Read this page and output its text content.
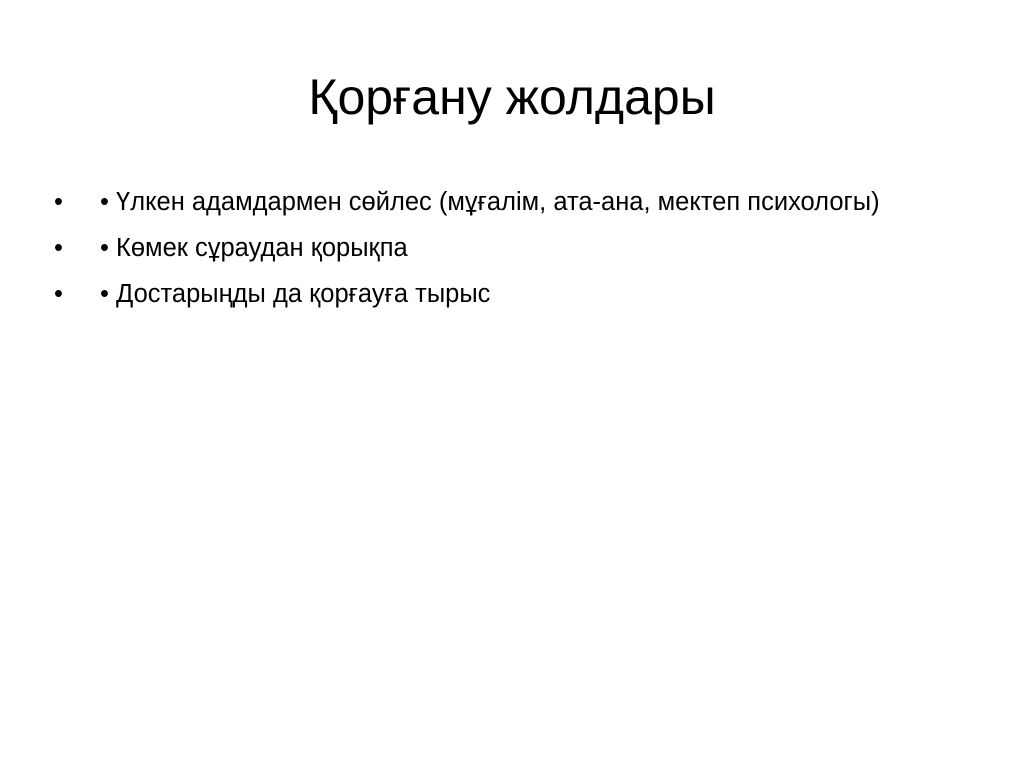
Қорғану жолдары
•	• Үлкен адамдармен сөйлес (мұғалім, ата-ана, мектеп психологы)
•	• Көмек сұраудан қорықпа
•	• Достарыңды да қорғауға тырыс
